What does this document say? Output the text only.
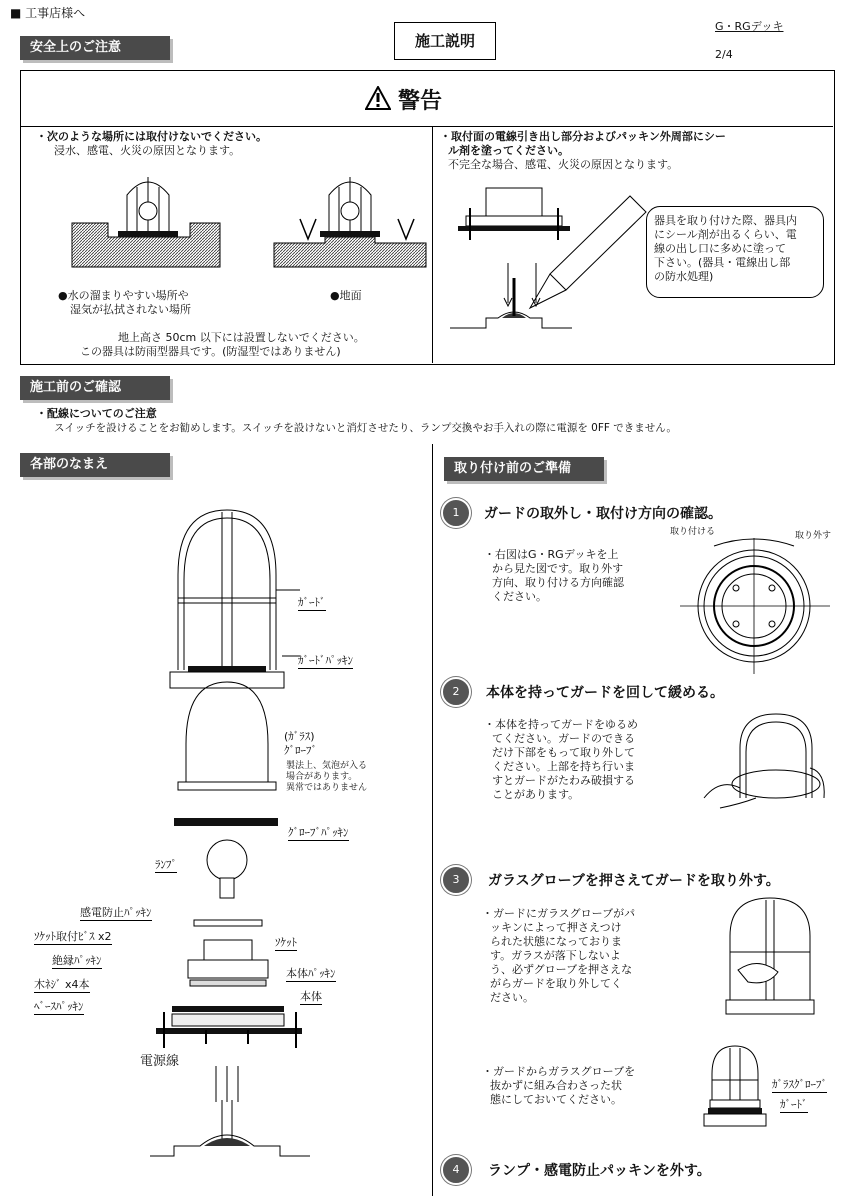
■ 工事店様へ

G・RGデッキ

2/4

施工説明
安全上のご注意
警告
・次のような場所には取付けないでください。
浸水、感電、火災の原因となります。
●水の溜まりやすい場所や
湿気が払拭されない場所
●地面
地上高さ 50cm 以下には設置しないでください。
この器具は防雨型器具です。(防湿型ではありません)
・取付面の電線引き出し部分およびパッキン外周部にシー
ル剤を塗ってください。
不完全な場合、感電、火災の原因となります。
器具を取り付けた際、器具内
にシール剤が出るくらい、電
線の出し口に多めに塗って
下さい。(器具・電線出し部
の防水処理)
施工前のご確認
・配線についてのご注意
スイッチを設けることをお勧めします。スイッチを設けないと消灯させたり、ランプ交換やお手入れの際に電源を 0FF できません。
各部のなまえ
ｶﾞｰﾄﾞ
ｶﾞｰﾄﾞﾊﾟｯｷﾝ
(ｶﾞﾗｽ)
ｸﾞﾛｰﾌﾞ
製法上、気泡が入る
場合があります。
異常ではありません
ｸﾞﾛｰﾌﾞﾊﾟｯｷﾝ
ﾗﾝﾌﾟ
感電防止ﾊﾟｯｷﾝ
ｿｹｯﾄ取付ﾋﾞｽ x2	ｿｹｯﾄ
絶縁ﾊﾟｯｷﾝ
本体ﾊﾟｯｷﾝ
木ﾈｼﾞ x4本
本体
ﾍﾞｰｽﾊﾟｯｷﾝ
電源線
取り付け前のご準備
1	ガードの取外し・取付け方向の確認。
・右図はG・RGデッキを上
から見た図です。取り外す
方向、取り付ける方向確認
ください。
取り付ける	取り外す
2	本体を持ってガードを回して緩める。
・本体を持ってガードをゆるめ
てください。ガードのできる
だけ下部をもって取り外して
ください。上部を持ち行いま
すとガードがたわみ破損する
ことがあります。
3	ガラスグローブを押さえてガードを取り外す。
・ガードにガラスグローブがパ
ッキンによって押さえつけ
られた状態になっておりま
す。ガラスが落下しないよ
う、必ずグローブを押さえな
がらガードを取り外してく
ださい。
・ガードからガラスグローブを
抜かずに組み合わさった状
態にしておいてください。
ｶﾞﾗｽｸﾞﾛｰﾌﾞ
ｶﾞｰﾄﾞ
4	ランプ・感電防止パッキンを外す。
